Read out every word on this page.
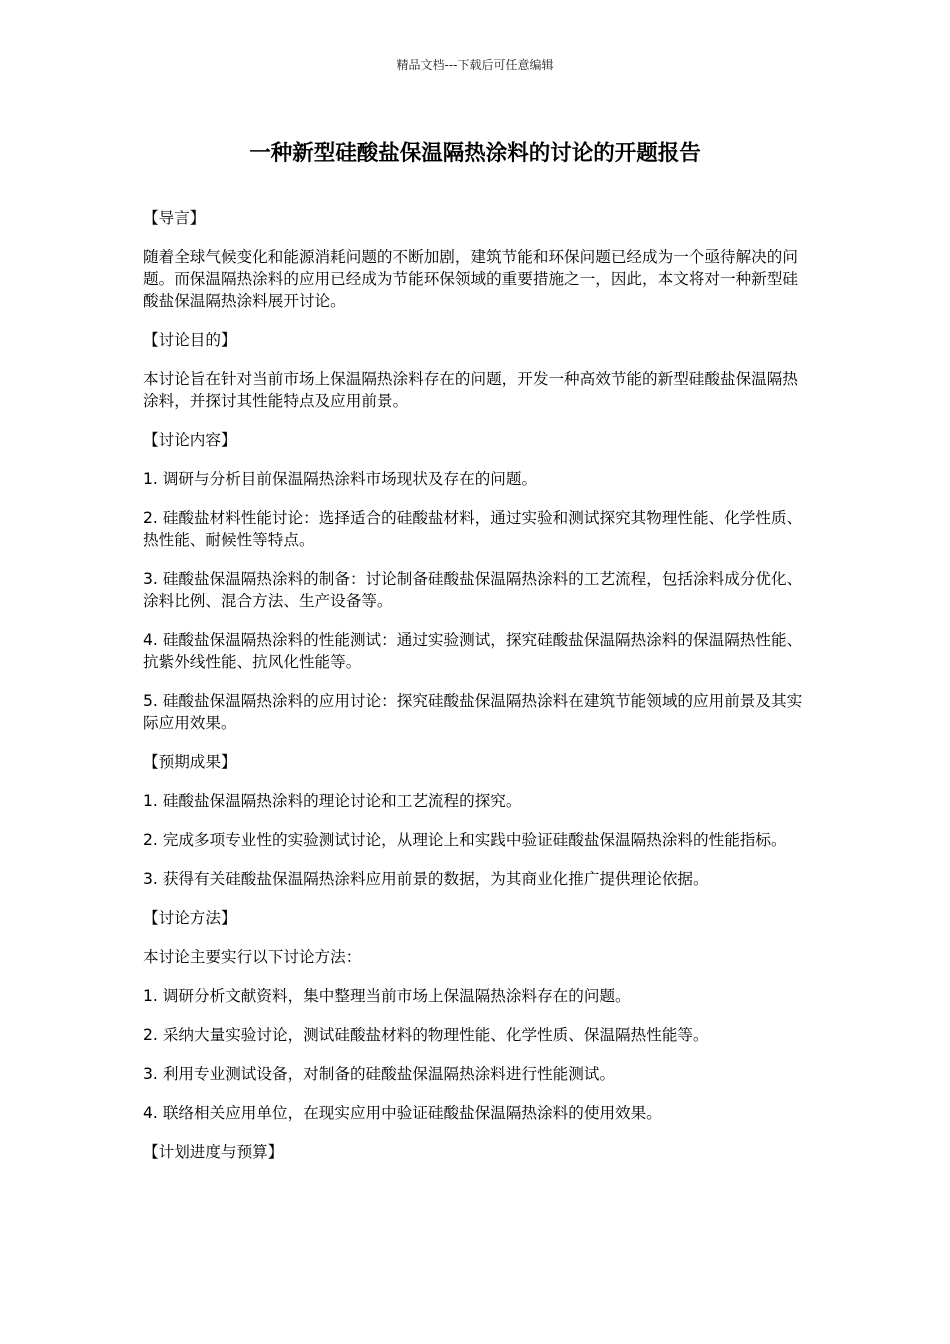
精品文档---下载后可任意编辑
一种新型硅酸盐保温隔热涂料的讨论的开题报告

【导言】

随着全球气候变化和能源消耗问题的不断加剧，建筑节能和环保问题已经成为一个亟待解决的问题。而保温隔热涂料的应用已经成为节能环保领域的重要措施之一，因此，本文将对一种新型硅酸盐保温隔热涂料展开讨论。

【讨论目的】

本讨论旨在针对当前市场上保温隔热涂料存在的问题，开发一种高效节能的新型硅酸盐保温隔热涂料，并探讨其性能特点及应用前景。

【讨论内容】

1. 调研与分析目前保温隔热涂料市场现状及存在的问题。

2. 硅酸盐材料性能讨论：选择适合的硅酸盐材料，通过实验和测试探究其物理性能、化学性质、热性能、耐候性等特点。

3. 硅酸盐保温隔热涂料的制备：讨论制备硅酸盐保温隔热涂料的工艺流程，包括涂料成分优化、涂料比例、混合方法、生产设备等。

4. 硅酸盐保温隔热涂料的性能测试：通过实验测试，探究硅酸盐保温隔热涂料的保温隔热性能、抗紫外线性能、抗风化性能等。

5. 硅酸盐保温隔热涂料的应用讨论：探究硅酸盐保温隔热涂料在建筑节能领域的应用前景及其实际应用效果。

【预期成果】

1. 硅酸盐保温隔热涂料的理论讨论和工艺流程的探究。

2. 完成多项专业性的实验测试讨论，从理论上和实践中验证硅酸盐保温隔热涂料的性能指标。

3. 获得有关硅酸盐保温隔热涂料应用前景的数据，为其商业化推广提供理论依据。

【讨论方法】

本讨论主要实行以下讨论方法：

1. 调研分析文献资料，集中整理当前市场上保温隔热涂料存在的问题。

2. 采纳大量实验讨论，测试硅酸盐材料的物理性能、化学性质、保温隔热性能等。

3. 利用专业测试设备，对制备的硅酸盐保温隔热涂料进行性能测试。

4. 联络相关应用单位，在现实应用中验证硅酸盐保温隔热涂料的使用效果。

【计划进度与预算】
